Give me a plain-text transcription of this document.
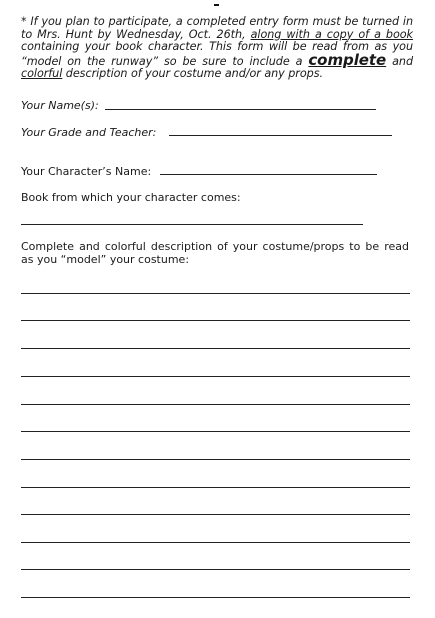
* If you plan to participate, a completed entry form must be turned in to Mrs. Hunt by Wednesday, Oct. 26th, along with a copy of a book containing your book character. This form will be read from as you “model on the runway” so be sure to include a complete and colorful description of your costume and/or any props.
Your Name(s):
Your Grade and Teacher:
Your Character’s Name:
Book from which your character comes:
Complete and colorful description of your costume/props to be read as you “model” your costume:
